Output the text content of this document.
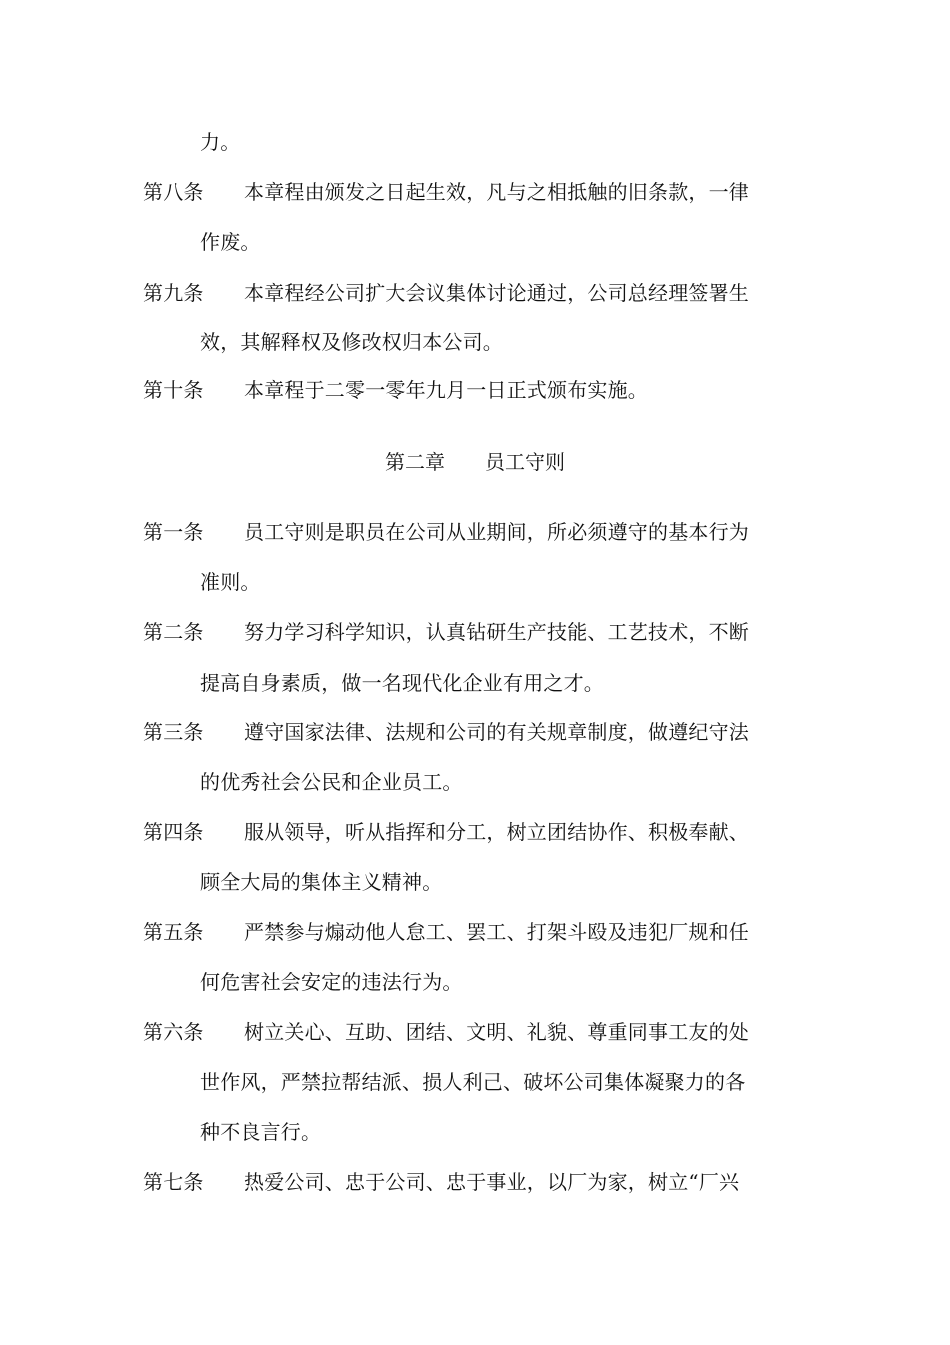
力。
第八条 本章程由颁发之日起生效，凡与之相抵触的旧条款，一律
作废。
第九条 本章程经公司扩大会议集体讨论通过，公司总经理签署生
效，其解释权及修改权归本公司。
第十条 本章程于二零一零年九月一日正式颁布实施。
第二章 员工守则
第一条 员工守则是职员在公司从业期间，所必须遵守的基本行为
准则。
第二条 努力学习科学知识，认真钻研生产技能、工艺技术，不断
提高自身素质，做一名现代化企业有用之才。
第三条 遵守国家法律、法规和公司的有关规章制度，做遵纪守法
的优秀社会公民和企业员工。
第四条 服从领导，听从指挥和分工，树立团结协作、积极奉献、
顾全大局的集体主义精神。
第五条 严禁参与煽动他人怠工、罢工、打架斗殴及违犯厂规和任
何危害社会安定的违法行为。
第六条 树立关心、互助、团结、文明、礼貌、尊重同事工友的处
世作风，严禁拉帮结派、损人利己、破坏公司集体凝聚力的各
种不良言行。
第七条 热爱公司、忠于公司、忠于事业，以厂为家，树立“厂兴
